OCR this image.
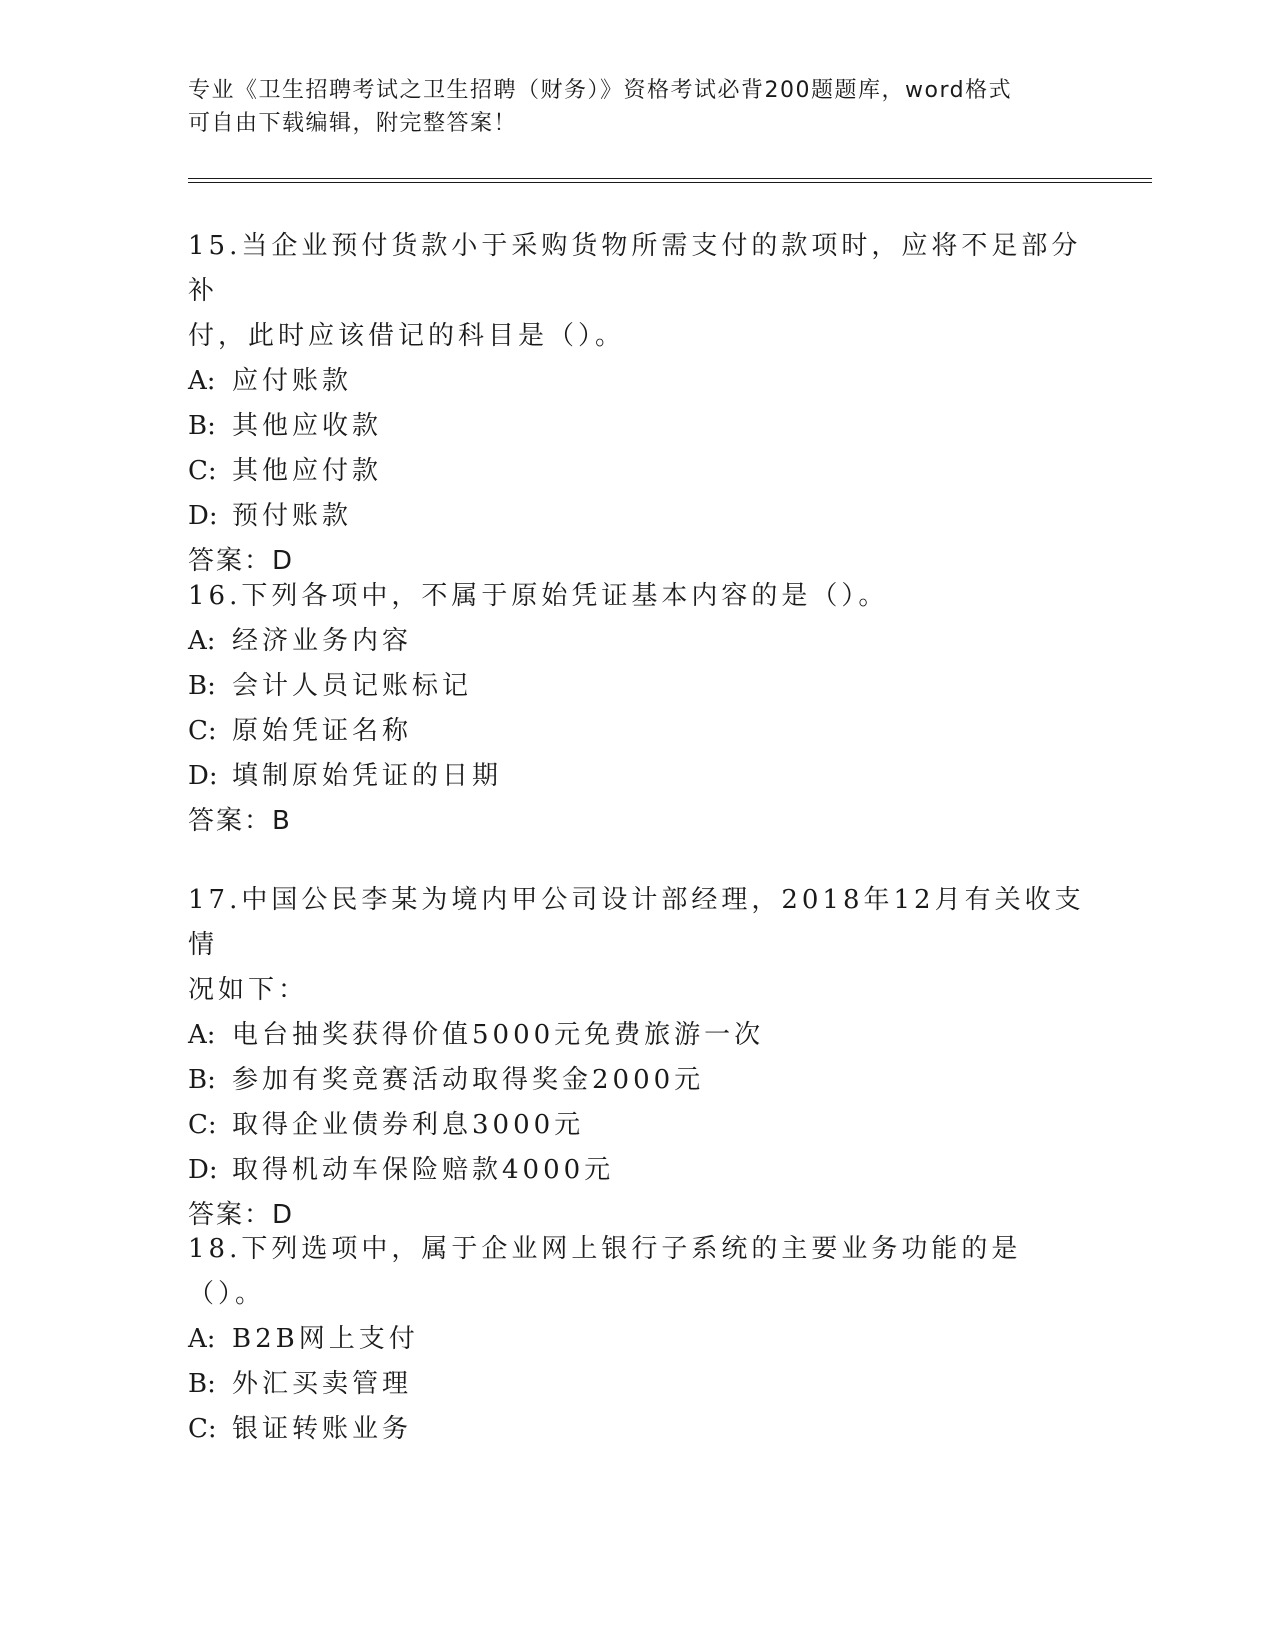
专业《卫生招聘考试之卫生招聘（财务）》资格考试必背200题题库，word格式
可自由下载编辑，附完整答案！
15.当企业预付货款小于采购货物所需支付的款项时，应将不足部分补
付，此时应该借记的科目是（）。
A: 应付账款
B: 其他应收款
C: 其他应付款
D: 预付账款
答案：D
16.下列各项中，不属于原始凭证基本内容的是（）。
A: 经济业务内容
B: 会计人员记账标记
C: 原始凭证名称
D: 填制原始凭证的日期
答案：B
17.中国公民李某为境内甲公司设计部经理，2018年12月有关收支情
况如下：
A: 电台抽奖获得价值5000元免费旅游一次
B: 参加有奖竞赛活动取得奖金2000元
C: 取得企业债券利息3000元
D: 取得机动车保险赔款4000元
答案：D
18.下列选项中，属于企业网上银行子系统的主要业务功能的是（）。
A: B2B网上支付
B: 外汇买卖管理
C: 银证转账业务
